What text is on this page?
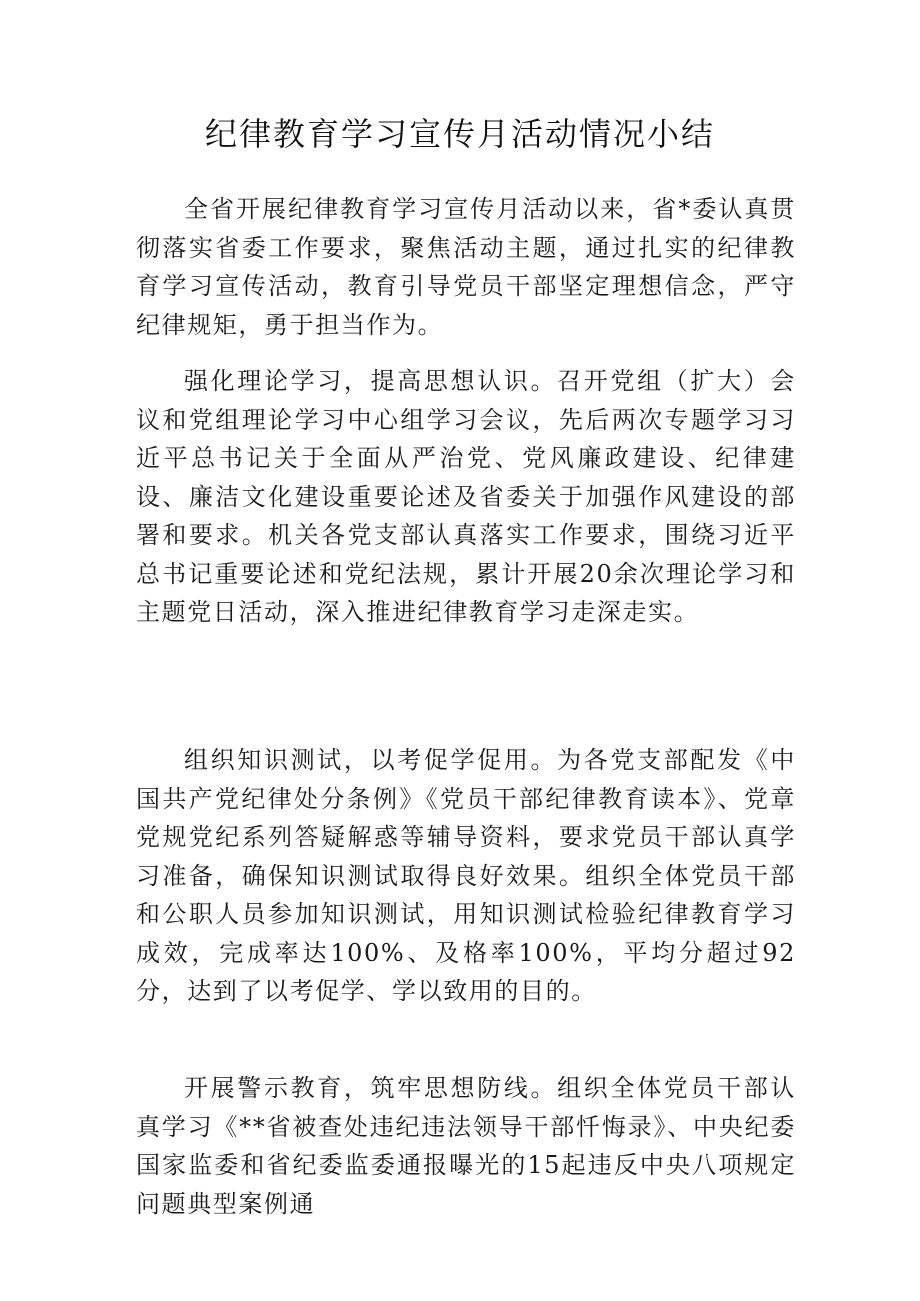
纪律教育学习宣传月活动情况小结

全省开展纪律教育学习宣传月活动以来，省*委认真贯彻落实省委工作要求，聚焦活动主题，通过扎实的纪律教育学习宣传活动，教育引导党员干部坚定理想信念，严守纪律规矩，勇于担当作为。

强化理论学习，提高思想认识。召开党组（扩大）会议和党组理论学习中心组学习会议，先后两次专题学习习近平总书记关于全面从严治党、党风廉政建设、纪律建设、廉洁文化建设重要论述及省委关于加强作风建设的部署和要求。机关各党支部认真落实工作要求，围绕习近平总书记重要论述和党纪法规，累计开展20余次理论学习和主题党日活动，深入推进纪律教育学习走深走实。

组织知识测试，以考促学促用。为各党支部配发《中国共产党纪律处分条例》《党员干部纪律教育读本》、党章党规党纪系列答疑解惑等辅导资料，要求党员干部认真学习准备，确保知识测试取得良好效果。组织全体党员干部和公职人员参加知识测试，用知识测试检验纪律教育学习成效，完成率达100%、及格率100%，平均分超过92分，达到了以考促学、学以致用的目的。

开展警示教育，筑牢思想防线。组织全体党员干部认真学习《**省被查处违纪违法领导干部忏悔录》、中央纪委国家监委和省纪委监委通报曝光的15起违反中央八项规定问题典型案例通
